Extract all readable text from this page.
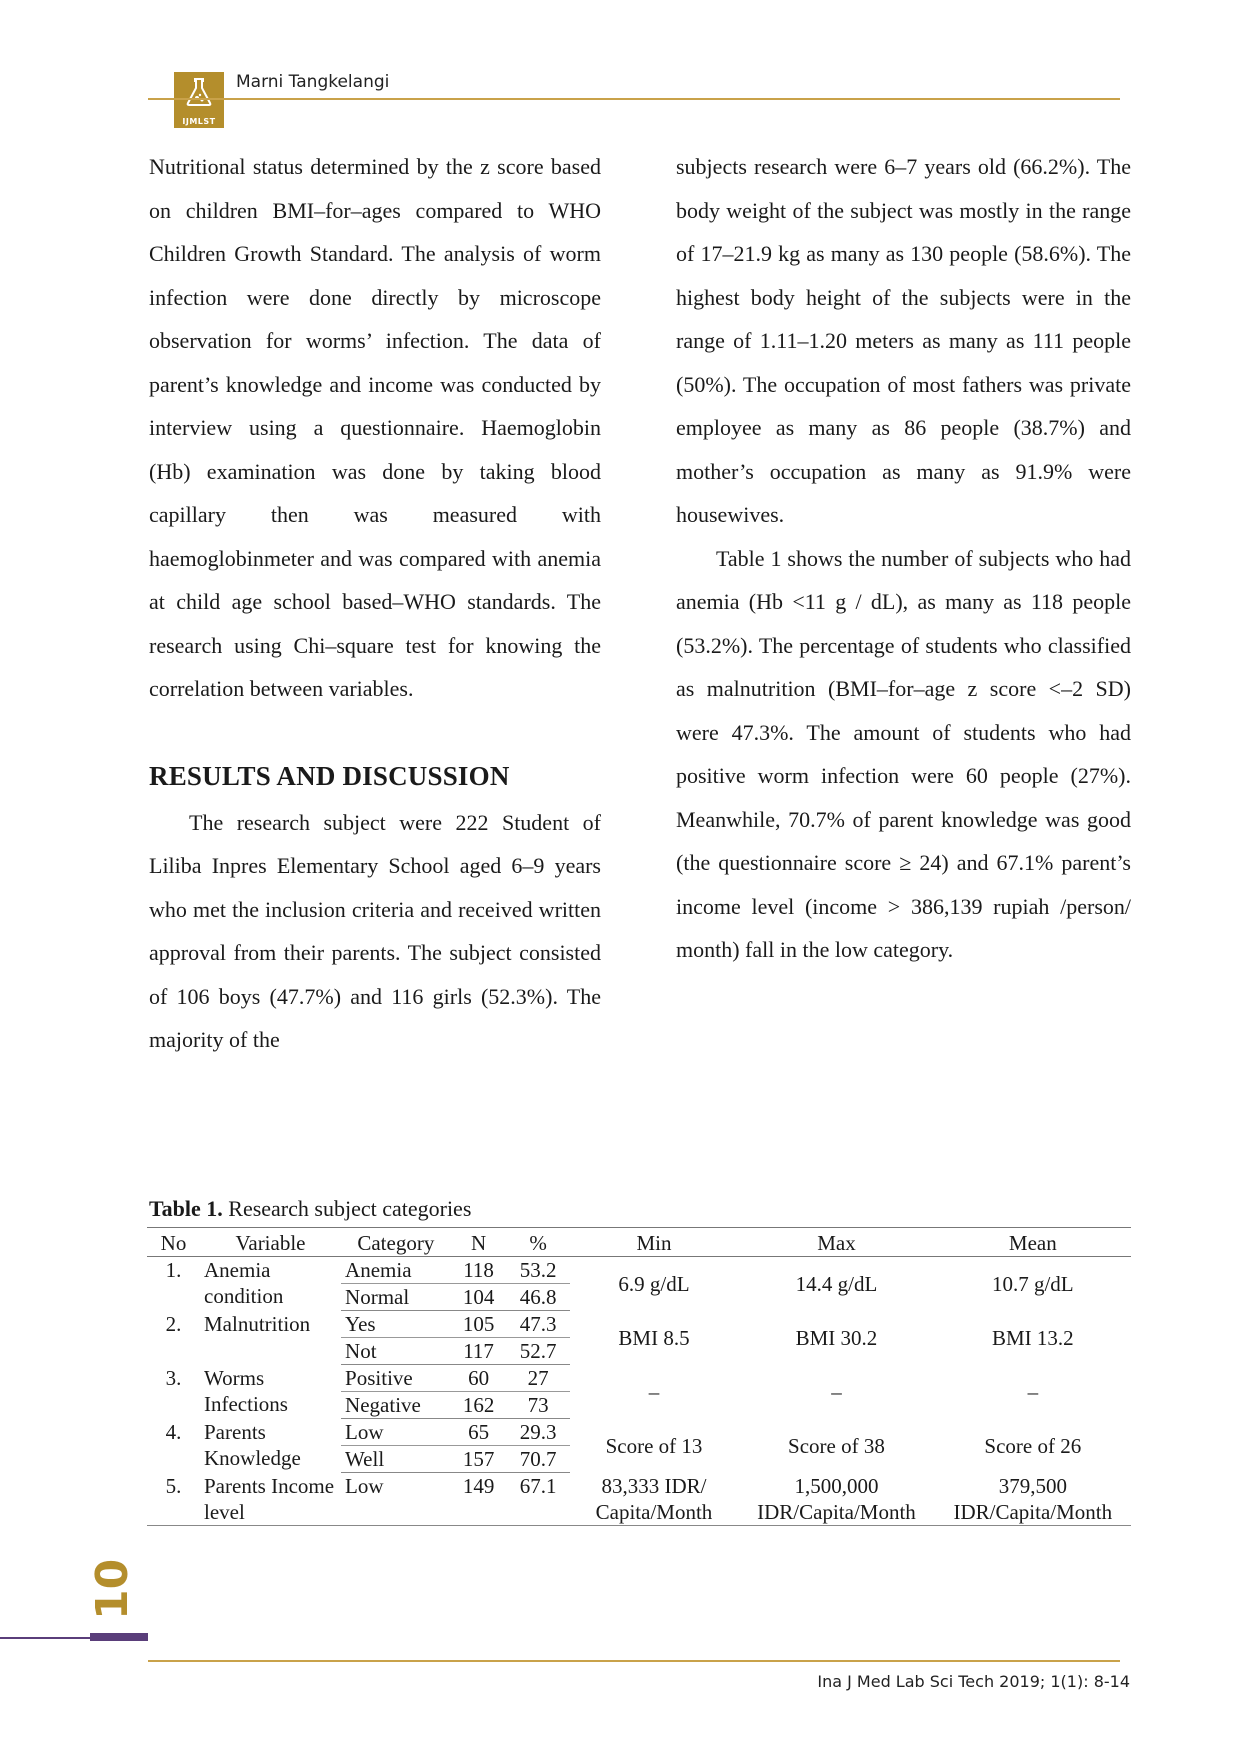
IJMLST
Marni Tangkelangi

Nutritional status determined by the z score based on children BMI–for–ages compared to WHO Children Growth Standard. The analysis of worm infection were done directly by microscope observation for worms’ infection. The data of parent’s knowledge and income was conducted by interview using a questionnaire. Haemoglobin (Hb) examination was done by taking blood capillary then was measured with haemoglobinmeter and was compared with anemia at child age school based–WHO standards. The research using Chi–square test for knowing the correlation between variables.

RESULTS AND DISCUSSION

The research subject were 222 Student of Liliba Inpres Elementary School aged 6–9 years who met the inclusion criteria and received written approval from their parents. The subject consisted of 106 boys (47.7%) and 116 girls (52.3%). The majority of the

subjects research were 6–7 years old (66.2%). The body weight of the subject was mostly in the range of 17–21.9 kg as many as 130 people (58.6%). The highest body height of the subjects were in the range of 1.11–1.20 meters as many as 111 people (50%). The occupation of most fathers was private employee as many as 86 people (38.7%) and mother’s occupation as many as 91.9% were housewives.

Table 1 shows the number of subjects who had anemia (Hb <11 g / dL), as many as 118 people (53.2%). The percentage of students who classified as malnutrition (BMI–for–age z score <–2 SD) were 47.3%. The amount of students who had positive worm infection were 60 people (27%). Meanwhile, 70.7% of parent knowledge was good (the questionnaire score ≥ 24) and 67.1% parent’s income level (income > 386,139 rupiah /person/ month) fall in the low category.

Table 1. Research subject categories
No	Variable	Category	N	%	Min	Max	Mean
1.	Anemia condition	Anemia	118	53.2	6.9 g/dL	14.4 g/dL	10.7 g/dL
		Normal	104	46.8			
2.	Malnutrition	Yes	105	47.3	BMI 8.5	BMI 30.2	BMI 13.2
		Not	117	52.7			
3.	Worms Infections	Positive	60	27	–	–	–
		Negative	162	73			
4.	Parents Knowledge	Low	65	29.3	Score of 13	Score of 38	Score of 26
		Well	157	70.7			
5.	Parents Income level	Low	149	67.1	83,333 IDR/ Capita/Month	1,500,000 IDR/Capita/Month	379,500 IDR/Capita/Month
10
Ina J Med Lab Sci Tech 2019; 1(1): 8-14
